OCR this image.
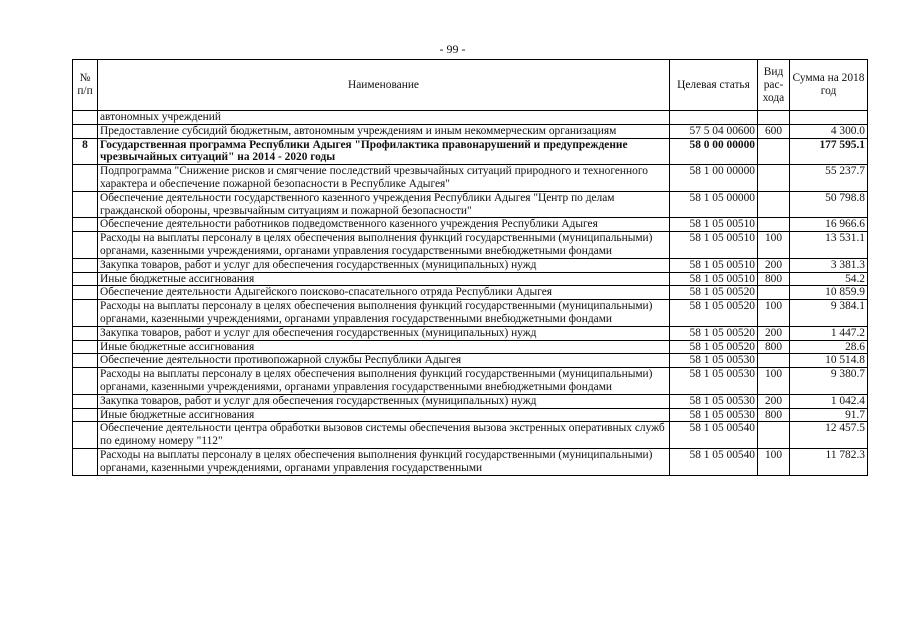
- 99 -
№ п/п	Наименование	Целевая статья	Вид рас-хода	Сумма на 2018 год
	автономных учреждений			
	Предоставление субсидий бюджетным, автономным учреждениям и иным некоммерческим организациям	57 5 04 00600	600	4 300.0
8	Государственная программа Республики Адыгея "Профилактика правонарушений и предупреждение чрезвычайных ситуаций" на 2014 - 2020 годы	58 0 00 00000		177 595.1
	Подпрограмма "Снижение рисков и смягчение последствий чрезвычайных ситуаций природного и техногенного характера и обеспечение пожарной безопасности в Республике Адыгея"	58 1 00 00000		55 237.7
	Обеспечение деятельности государственного казенного учреждения Республики Адыгея "Центр по делам гражданской обороны, чрезвычайным ситуациям и пожарной безопасности"	58 1 05 00000		50 798.8
	Обеспечение деятельности работников подведомственного казенного учреждения Республики Адыгея	58 1 05 00510		16 966.6
	Расходы на выплаты персоналу в целях обеспечения выполнения функций государственными (муниципальными) органами, казенными учреждениями, органами управления государственными внебюджетными фондами	58 1 05 00510	100	13 531.1
	Закупка товаров, работ и услуг для обеспечения государственных (муниципальных) нужд	58 1 05 00510	200	3 381.3
	Иные бюджетные ассигнования	58 1 05 00510	800	54.2
	Обеспечение деятельности Адыгейского поисково-спасательного отряда Республики Адыгея	58 1 05 00520		10 859.9
	Расходы на выплаты персоналу в целях обеспечения выполнения функций государственными (муниципальными) органами, казенными учреждениями, органами управления государственными внебюджетными фондами	58 1 05 00520	100	9 384.1
	Закупка товаров, работ и услуг для обеспечения государственных (муниципальных) нужд	58 1 05 00520	200	1 447.2
	Иные бюджетные ассигнования	58 1 05 00520	800	28.6
	Обеспечение деятельности противопожарной службы Республики Адыгея	58 1 05 00530		10 514.8
	Расходы на выплаты персоналу в целях обеспечения выполнения функций государственными (муниципальными) органами, казенными учреждениями, органами управления государственными внебюджетными фондами	58 1 05 00530	100	9 380.7
	Закупка товаров, работ и услуг для обеспечения государственных (муниципальных) нужд	58 1 05 00530	200	1 042.4
	Иные бюджетные ассигнования	58 1 05 00530	800	91.7
	Обеспечение деятельности центра обработки вызовов системы обеспечения вызова экстренных оперативных служб по единому номеру "112"	58 1 05 00540		12 457.5
	Расходы на выплаты персоналу в целях обеспечения выполнения функций государственными (муниципальными) органами, казенными учреждениями, органами управления государственными	58 1 05 00540	100	11 782.3
